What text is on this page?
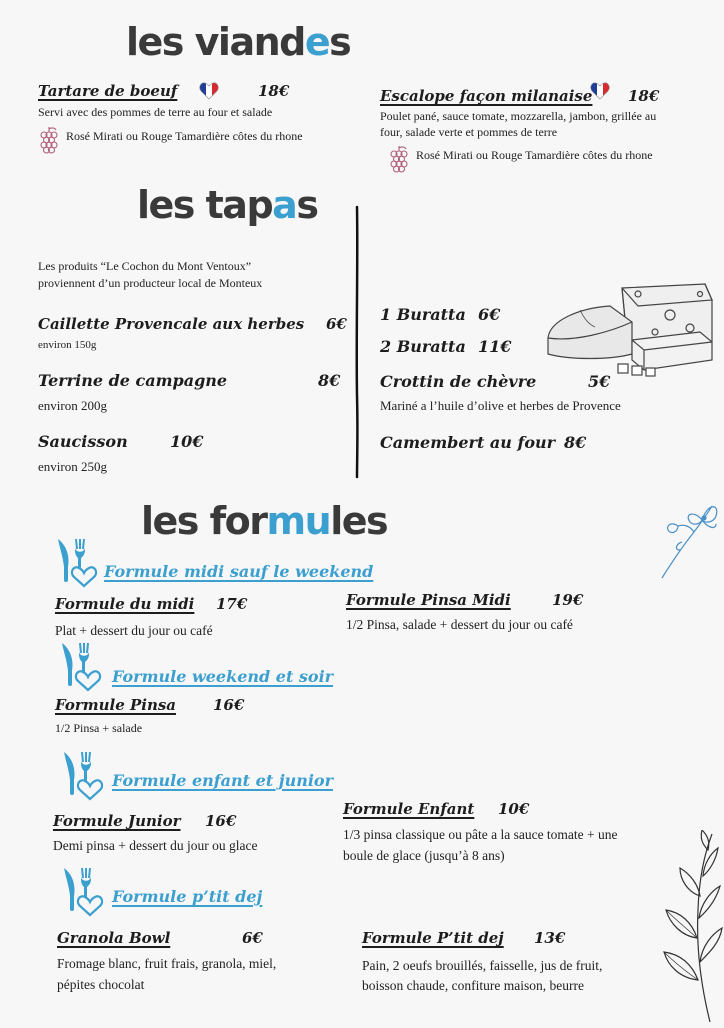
les viandes
Tartare de boeuf	18€
Servi avec des pommes de terre au four et salade
Rosé Mirati ou Rouge Tamardière côtes du rhone
Escalope façon milanaise 18€
Poulet pané, sauce tomate, mozzarella, jambon, grillée au
four, salade verte et pommes de terre
Rosé Mirati ou Rouge Tamardière côtes du rhone
les tapas
Les produits “Le Cochon du Mont Ventoux”
proviennent d’un producteur local de Monteux
Caillette Provencale aux herbes 6€
environ 150g
Terrine de campagne	8€
environ 200g
Saucisson	10€
environ 250g
1 Buratta 6€
2 Buratta 11€
Crottin de chèvre	5€
Mariné a l’huile d’olive et herbes de Provence
Camembert au four 8€
les formules
Formule midi sauf le weekend
Formule du midi 17€
Plat + dessert du jour ou café
Formule Pinsa Midi	19€
1/2 Pinsa, salade + dessert du jour ou café
Formule weekend et soir
Formule Pinsa 16€
1/2 Pinsa + salade
Formule enfant et junior
Formule Junior 16€
Demi pinsa + dessert du jour ou glace
Formule Enfant 10€
1/3 pinsa classique ou pâte a la sauce tomate + une
boule de glace (jusqu’à 8 ans)
Formule p’tit dej
Granola Bowl	6€
Fromage blanc, fruit frais, granola, miel,
pépites chocolat
Formule P’tit dej 13€
Pain, 2 oeufs brouillés, faisselle, jus de fruit,
boisson chaude, confiture maison, beurre
